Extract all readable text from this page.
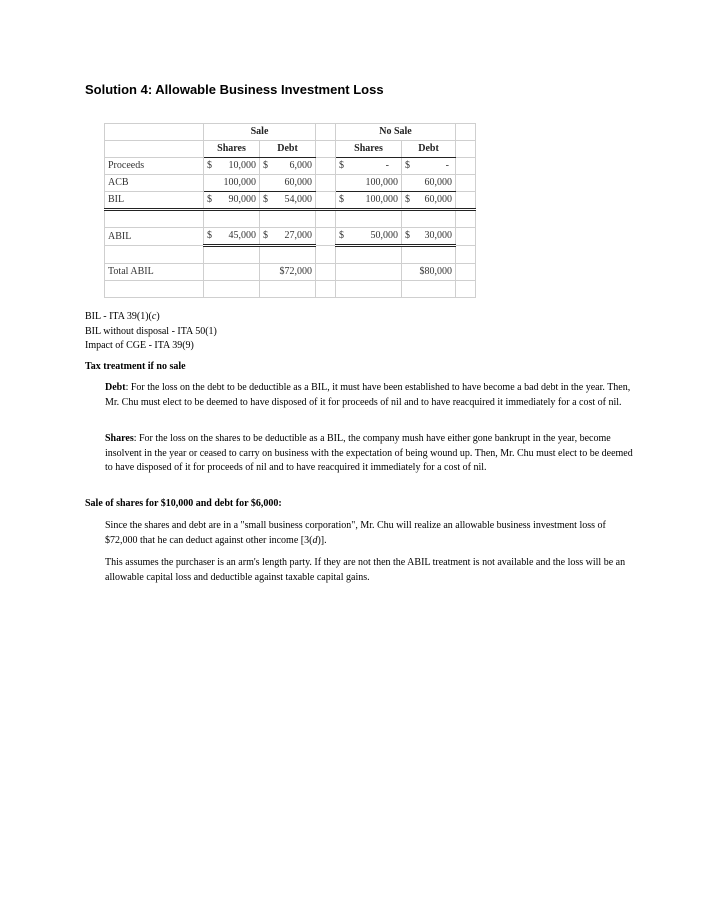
Solution 4: Allowable Business Investment Loss
	Sale			No Sale		
	Shares	Debt		Shares	Debt	
Proceeds	$ 10,000	$ 6,000		$ -	$ -	
ACB	100,000	60,000		100,000	60,000	
BIL	$ 90,000	$ 54,000		$ 100,000	$ 60,000	

ABIL	$ 45,000	$ 27,000		$ 50,000	$ 30,000	

Total ABIL		$72,000			$80,000	

BIL - ITA 39(1)(c)
BIL without disposal - ITA 50(1)
Impact of CGE - ITA 39(9)
Tax treatment if no sale
Debt: For the loss on the debt to be deductible as a BIL, it must have been established to have become a bad debt in the year. Then, Mr. Chu must elect to be deemed to have disposed of it for proceeds of nil and to have reacquired it immediately for a cost of nil.
Shares: For the loss on the shares to be deductible as a BIL, the company mush have either gone bankrupt in the year, become insolvent in the year or ceased to carry on business with the expectation of being wound up. Then, Mr. Chu must elect to be deemed to have disposed of it for proceeds of nil and to have reacquired it immediately for a cost of nil.
Sale of shares for $10,000 and debt for $6,000:
Since the shares and debt are in a "small business corporation", Mr. Chu will realize an allowable business investment loss of $72,000 that he can deduct against other income [3(d)].
This assumes the purchaser is an arm's length party. If they are not then the ABIL treatment is not available and the loss will be an allowable capital loss and deductible against taxable capital gains.
